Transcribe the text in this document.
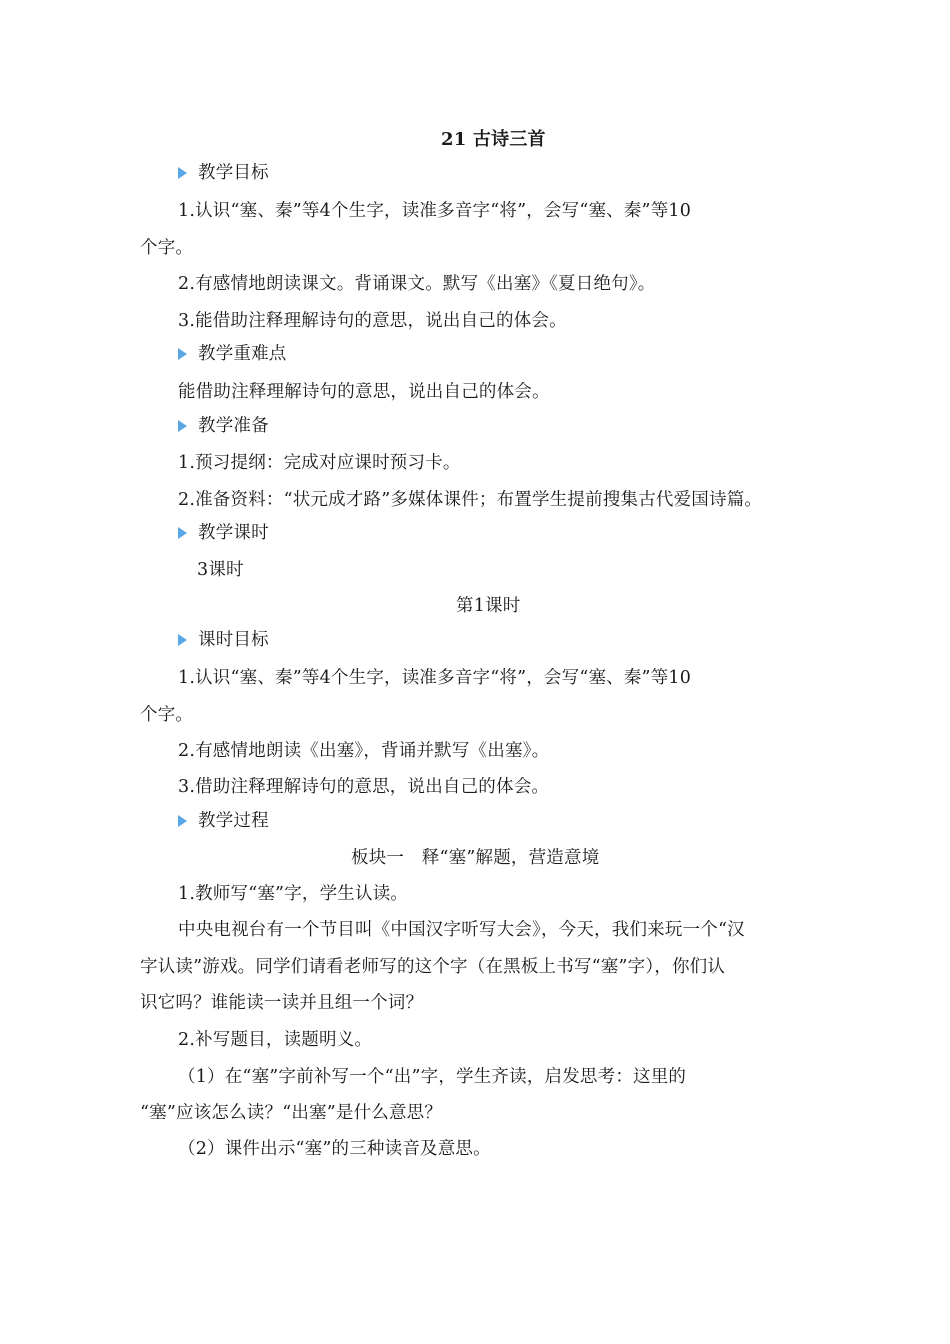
21 古诗三首
教学目标
1.认识“塞、秦”等4个生字，读准多音字“将”，会写“塞、秦”等10
个字。
2.有感情地朗读课文。背诵课文。默写《出塞》《夏日绝句》。
3.能借助注释理解诗句的意思，说出自己的体会。
教学重难点
能借助注释理解诗句的意思，说出自己的体会。
教学准备
1.预习提纲：完成对应课时预习卡。
2.准备资料：“状元成才路”多媒体课件；布置学生提前搜集古代爱国诗篇。
教学课时
3课时
第1课时
课时目标
1.认识“塞、秦”等4个生字，读准多音字“将”，会写“塞、秦”等10
个字。
2.有感情地朗读《出塞》，背诵并默写《出塞》。
3.借助注释理解诗句的意思，说出自己的体会。
教学过程
板块一　释“塞”解题，营造意境
1.教师写“塞”字，学生认读。
中央电视台有一个节目叫《中国汉字听写大会》，今天，我们来玩一个“汉
字认读”游戏。同学们请看老师写的这个字（在黑板上书写“塞”字），你们认
识它吗？谁能读一读并且组一个词？
2.补写题目，读题明义。
（1）在“塞”字前补写一个“出”字，学生齐读，启发思考：这里的
“塞”应该怎么读？“出塞”是什么意思？
（2）课件出示“塞”的三种读音及意思。
